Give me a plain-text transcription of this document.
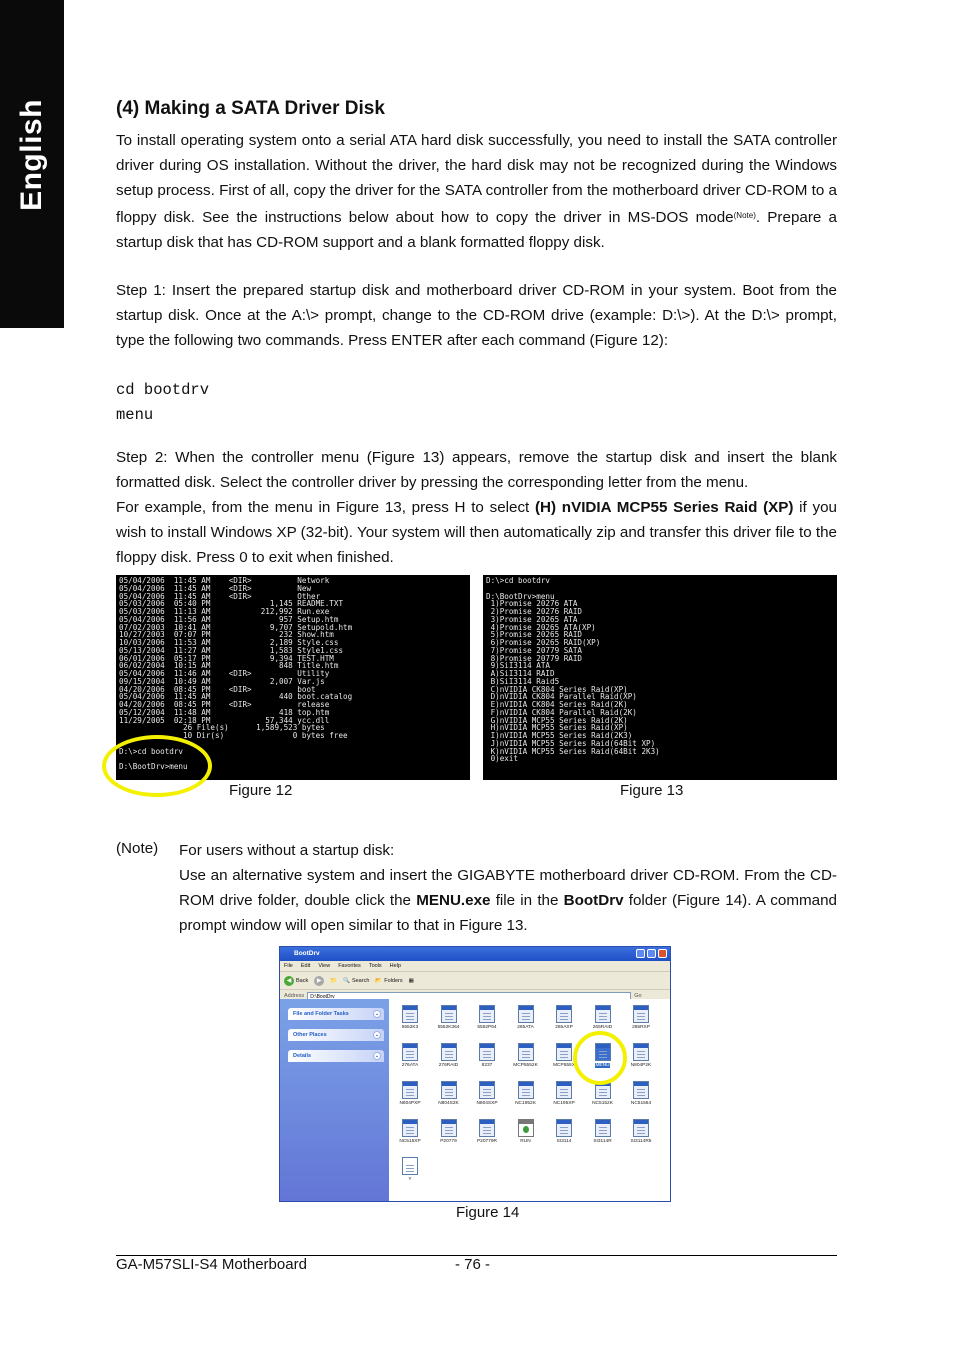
English	(4) Making a SATA Driver Disk

To install operating system onto a serial ATA hard disk successfully, you need to install the SATA controller driver during OS installation. Without the driver, the hard disk may not be recognized during the Windows setup process. First of all, copy the driver for the SATA controller from the motherboard driver CD-ROM to a floppy disk. See the instructions below about how to copy the driver in MS-DOS mode$^{(Note)}$. Prepare a startup disk that has CD-ROM support and a blank formatted floppy disk.

Step 1: Insert the prepared startup disk and motherboard driver CD-ROM in your system. Boot from the startup disk. Once at the A:\> prompt, change to the CD-ROM drive (example: D:\>). At the D:\> prompt, type the following two commands. Press ENTER after each command (Figure 12):

cd bootdrv
menu

Step 2: When the controller menu (Figure 13) appears, remove the startup disk and insert the blank formatted disk. Select the controller driver by pressing the corresponding letter from the menu.

For example, from the menu in Figure 13, press H to select (H) nVIDIA MCP55 Series Raid (XP) if you wish to install Windows XP (32-bit). Your system will then automatically zip and transfer this driver file to the floppy disk. Press 0 to exit when finished.

05/04/2006  11:45 AM    <DIR>          Network
05/04/2006  11:45 AM    <DIR>          New
05/04/2006  11:45 AM    <DIR>          Other
05/03/2006  05:40 PM             1,145 README.TXT
05/03/2006  11:13 AM           212,992 Run.exe
05/04/2006  11:56 AM               957 Setup.htm
07/02/2003  10:41 AM             9,707 Setupold.htm
10/27/2003  07:07 PM               232 Show.htm
10/03/2006  11:53 AM             2,189 Style.css
05/13/2004  11:27 AM             1,583 Style1.css
06/01/2006  05:17 PM             9,394 TEST.HTM
06/02/2004  10:15 AM               848 Title.htm
05/04/2006  11:46 AM    <DIR>          Utility
09/15/2004  10:49 AM             2,007 Var.js
04/20/2006  08:45 PM    <DIR>          boot
05/04/2006  11:45 AM               440 boot.catalog
04/20/2006  08:45 PM    <DIR>          release
05/12/2004  11:48 AM               418 top.htm
11/29/2005  02:18 PM            57,344 ycc.dll
26 File(s)      1,589,523 bytes
10 Dir(s)               0 bytes free
D:\>cd bootdrv
D:\BootDrv>menu
Figure 12
D:\>cd bootdrv
D:\BootDrv>menu
1)Promise 20276 ATA
2)Promise 20276 RAID
3)Promise 20265 ATA
4)Promise 20265 ATA(XP)
5)Promise 20265 RAID
6)Promise 20265 RAID(XP)
7)Promise 20779 SATA
8)Promise 20779 RAID
9)SiI3114 ATA
A)SiI3114 RAID
B)SiI3114 Raid5
C)nVIDIA CK804 Series Raid(XP)
D)nVIDIA CK804 Parallel Raid(XP)
E)nVIDIA CK804 Series Raid(2K)
F)nVIDIA CK804 Parallel Raid(2K)
G)nVIDIA MCP55 Series Raid(2K)
H)nVIDIA MCP55 Series Raid(XP)
I)nVIDIA MCP55 Series Raid(2K3)
J)nVIDIA MCP55 Series Raid(64Bit XP)
K)nVIDIA MCP55 Series Raid(64Bit 2K3)
0)exit
Figure 13
(Note) For users without a startup disk:

Use an alternative system and insert the GIGABYTE motherboard driver CD-ROM. From the CD-ROM drive folder, double click the MENU.exe file in the BootDrv folder (Figure 14). A command prompt window will open similar to that in Figure 13.

BootDrv
File Edit View Favorites Tools Help
◀ Back	▶	📁 🔍 Search 📂 Folders ▦
Address	D:\BootDrv	Go
File and Folder Tasks	⌄
Other Places	⌄
Details	⌄
5552K3	5552K364	5552P64	265ATA	265AXP	265RAID	265RXP
276ATA	276RAID	8237	MCP5552K	MCP555X	MENU	N804P2K
N804PXP	N804S2K	N804SXP	NC1952K	NC195XP	NC5152K	NC51564
NC515XP	P20779	P20779R	RUN	SI3114	SI3114R	SI3114R5
Y
Figure 14
GA-M57SLI-S4 Motherboard	- 76 -
